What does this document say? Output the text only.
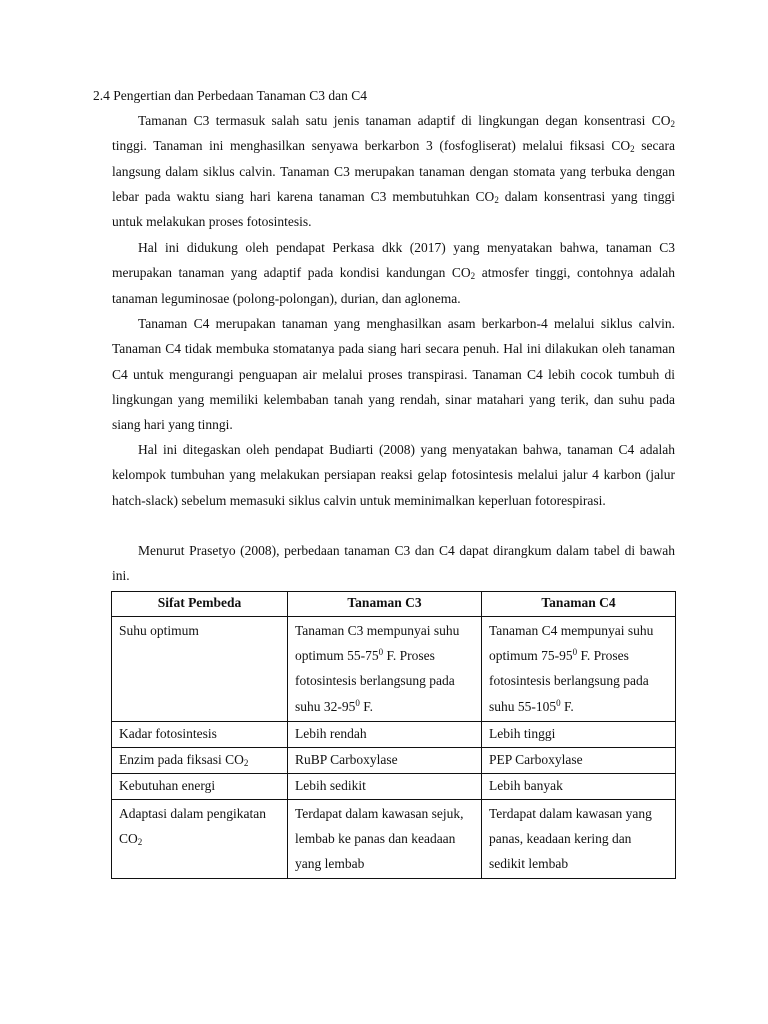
2.4 Pengertian dan Perbedaan Tanaman C3 dan C4

Tamanan C3 termasuk salah satu jenis tanaman adaptif di lingkungan degan konsentrasi $CO_2$ tinggi. Tanaman ini menghasilkan senyawa berkarbon 3 (fosfogliserat) melalui fiksasi $CO_2$ secara langsung dalam siklus calvin. Tanaman C3 merupakan tanaman dengan stomata yang terbuka dengan lebar pada waktu siang hari karena tanaman C3 membutuhkan $CO_2$ dalam konsentrasi yang tinggi untuk melakukan proses fotosintesis.

Hal ini didukung oleh pendapat Perkasa dkk (2017) yang menyatakan bahwa, tanaman C3 merupakan tanaman yang adaptif pada kondisi kandungan $CO_2$ atmosfer tinggi, contohnya adalah tanaman leguminosae (polong-polongan), durian, dan aglonema.

Tanaman C4 merupakan tanaman yang menghasilkan asam berkarbon-4 melalui siklus calvin. Tanaman C4 tidak membuka stomatanya pada siang hari secara penuh. Hal ini dilakukan oleh tanaman C4 untuk mengurangi penguapan air melalui proses transpirasi. Tanaman C4 lebih cocok tumbuh di lingkungan yang memiliki kelembaban tanah yang rendah, sinar matahari yang terik, dan suhu pada siang hari yang tinngi.

Hal ini ditegaskan oleh pendapat Budiarti (2008) yang menyatakan bahwa, tanaman C4 adalah kelompok tumbuhan yang melakukan persiapan reaksi gelap fotosintesis melalui jalur 4 karbon (jalur hatch-slack) sebelum memasuki siklus calvin untuk meminimalkan keperluan fotorespirasi.

Menurut Prasetyo (2008), perbedaan tanaman C3 dan C4 dapat dirangkum dalam tabel di bawah ini.

Sifat Pembeda	Tanaman C3	Tanaman C4
Suhu optimum	Tanaman C3 mempunyai suhu optimum $55-75^0$ F. Proses fotosintesis berlangsung pada suhu $32-95^0$ F.	Tanaman C4 mempunyai suhu optimum $75-95^0$ F. Proses fotosintesis berlangsung pada suhu $55-105^0$ F.
Kadar fotosintesis	Lebih rendah	Lebih tinggi
Enzim pada fiksasi $CO_2$	RuBP Carboxylase	PEP Carboxylase
Kebutuhan energi	Lebih sedikit	Lebih banyak
Adaptasi dalam pengikatan $CO_2$	Terdapat dalam kawasan sejuk, lembab ke panas dan keadaan yang lembab	Terdapat dalam kawasan yang panas, keadaan kering dan sedikit lembab
